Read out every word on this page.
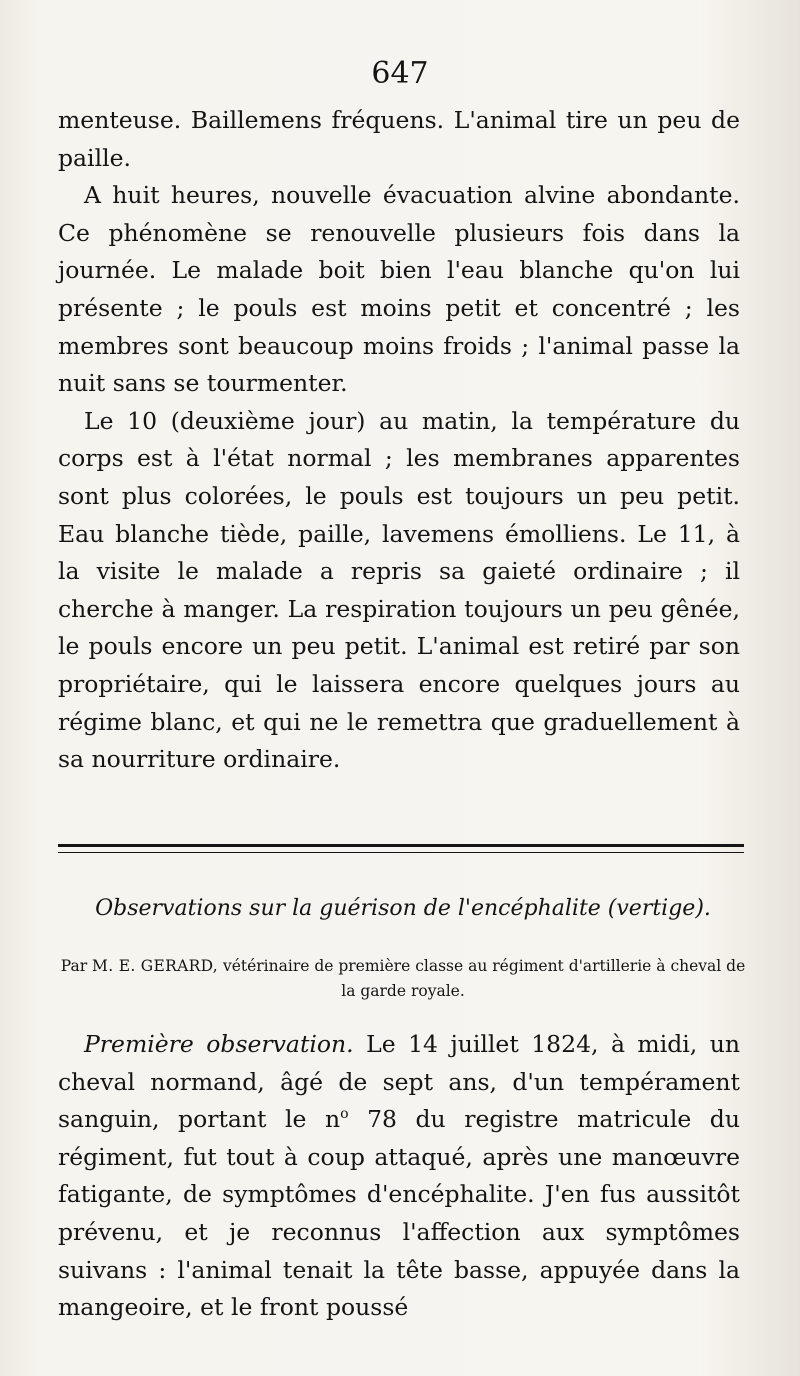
647

menteuse. Baillemens fréquens. L'animal tire un peu de paille.

A huit heures, nouvelle évacuation alvine abondante. Ce phénomène se renouvelle plusieurs fois dans la journée. Le malade boit bien l'eau blanche qu'on lui présente ; le pouls est moins petit et concentré ; les membres sont beaucoup moins froids ; l'animal passe la nuit sans se tourmenter.

Le 10 (deuxième jour) au matin, la température du corps est à l'état normal ; les membranes apparentes sont plus colorées, le pouls est toujours un peu petit. Eau blanche tiède, paille, lavemens émolliens. Le 11, à la visite le malade a repris sa gaieté ordinaire ; il cherche à manger. La respiration toujours un peu gênée, le pouls encore un peu petit. L'animal est retiré par son propriétaire, qui le laissera encore quelques jours au régime blanc, et qui ne le remettra que graduellement à sa nourriture ordinaire.

Observations sur la guérison de l'encéphalite (vertige).
Par M. E. GERARD, vétérinaire de première classe au régiment d'artillerie à cheval de la garde royale.

Première observation. Le 14 juillet 1824, à midi, un cheval normand, âgé de sept ans, d'un tempérament sanguin, portant le $n^o$ 78 du registre matricule du régiment, fut tout à coup attaqué, après une manœuvre fatigante, de symptômes d'encéphalite. J'en fus aussitôt prévenu, et je reconnus l'affection aux symptômes suivans : l'animal tenait la tête basse, appuyée dans la mangeoire, et le front poussé
